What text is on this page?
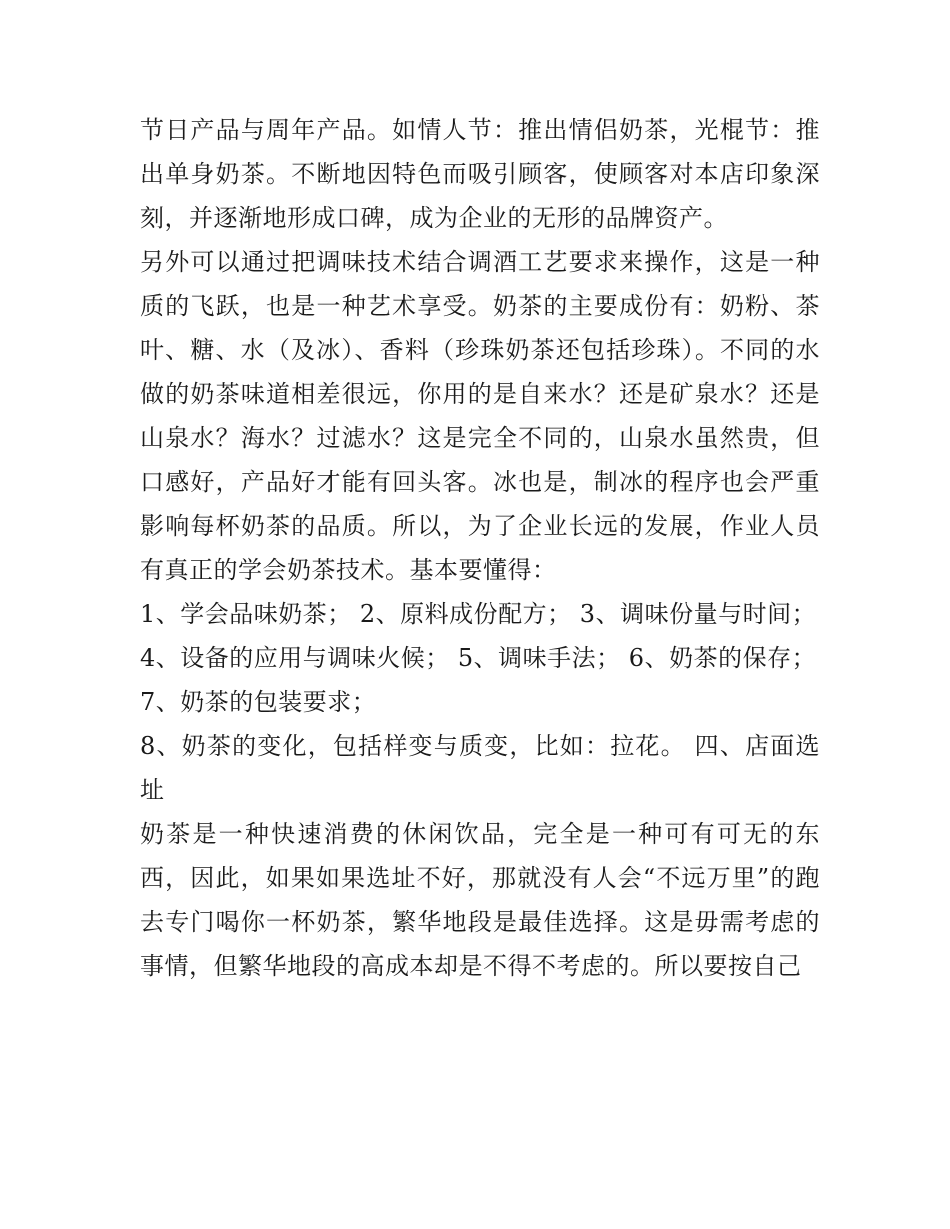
节日产品与周年产品。如情人节：推出情侣奶茶，光棍节：推出单身奶茶。不断地因特色而吸引顾客，使顾客对本店印象深刻，并逐渐地形成口碑，成为企业的无形的品牌资产。

另外可以通过把调味技术结合调酒工艺要求来操作，这是一种质的飞跃，也是一种艺术享受。奶茶的主要成份有：奶粉、茶叶、糖、水（及冰）、香料（珍珠奶茶还包括珍珠）。不同的水做的奶茶味道相差很远，你用的是自来水？还是矿泉水？还是山泉水？海水？过滤水？这是完全不同的，山泉水虽然贵，但口感好，产品好才能有回头客。冰也是，制冰的程序也会严重影响每杯奶茶的品质。所以，为了企业长远的发展，作业人员有真正的学会奶茶技术。基本要懂得：

1、学会品味奶茶； 2、原料成份配方； 3、调味份量与时间；

4、设备的应用与调味火候； 5、调味手法； 6、奶茶的保存；

7、奶茶的包装要求；

8、奶茶的变化，包括样变与质变，比如：拉花。 四、店面选址

奶茶是一种快速消费的休闲饮品，完全是一种可有可无的东西，因此，如果如果选址不好，那就没有人会“不远万里”的跑去专门喝你一杯奶茶，繁华地段是最佳选择。这是毋需考虑的事情，但繁华地段的高成本却是不得不考虑的。所以要按自己
